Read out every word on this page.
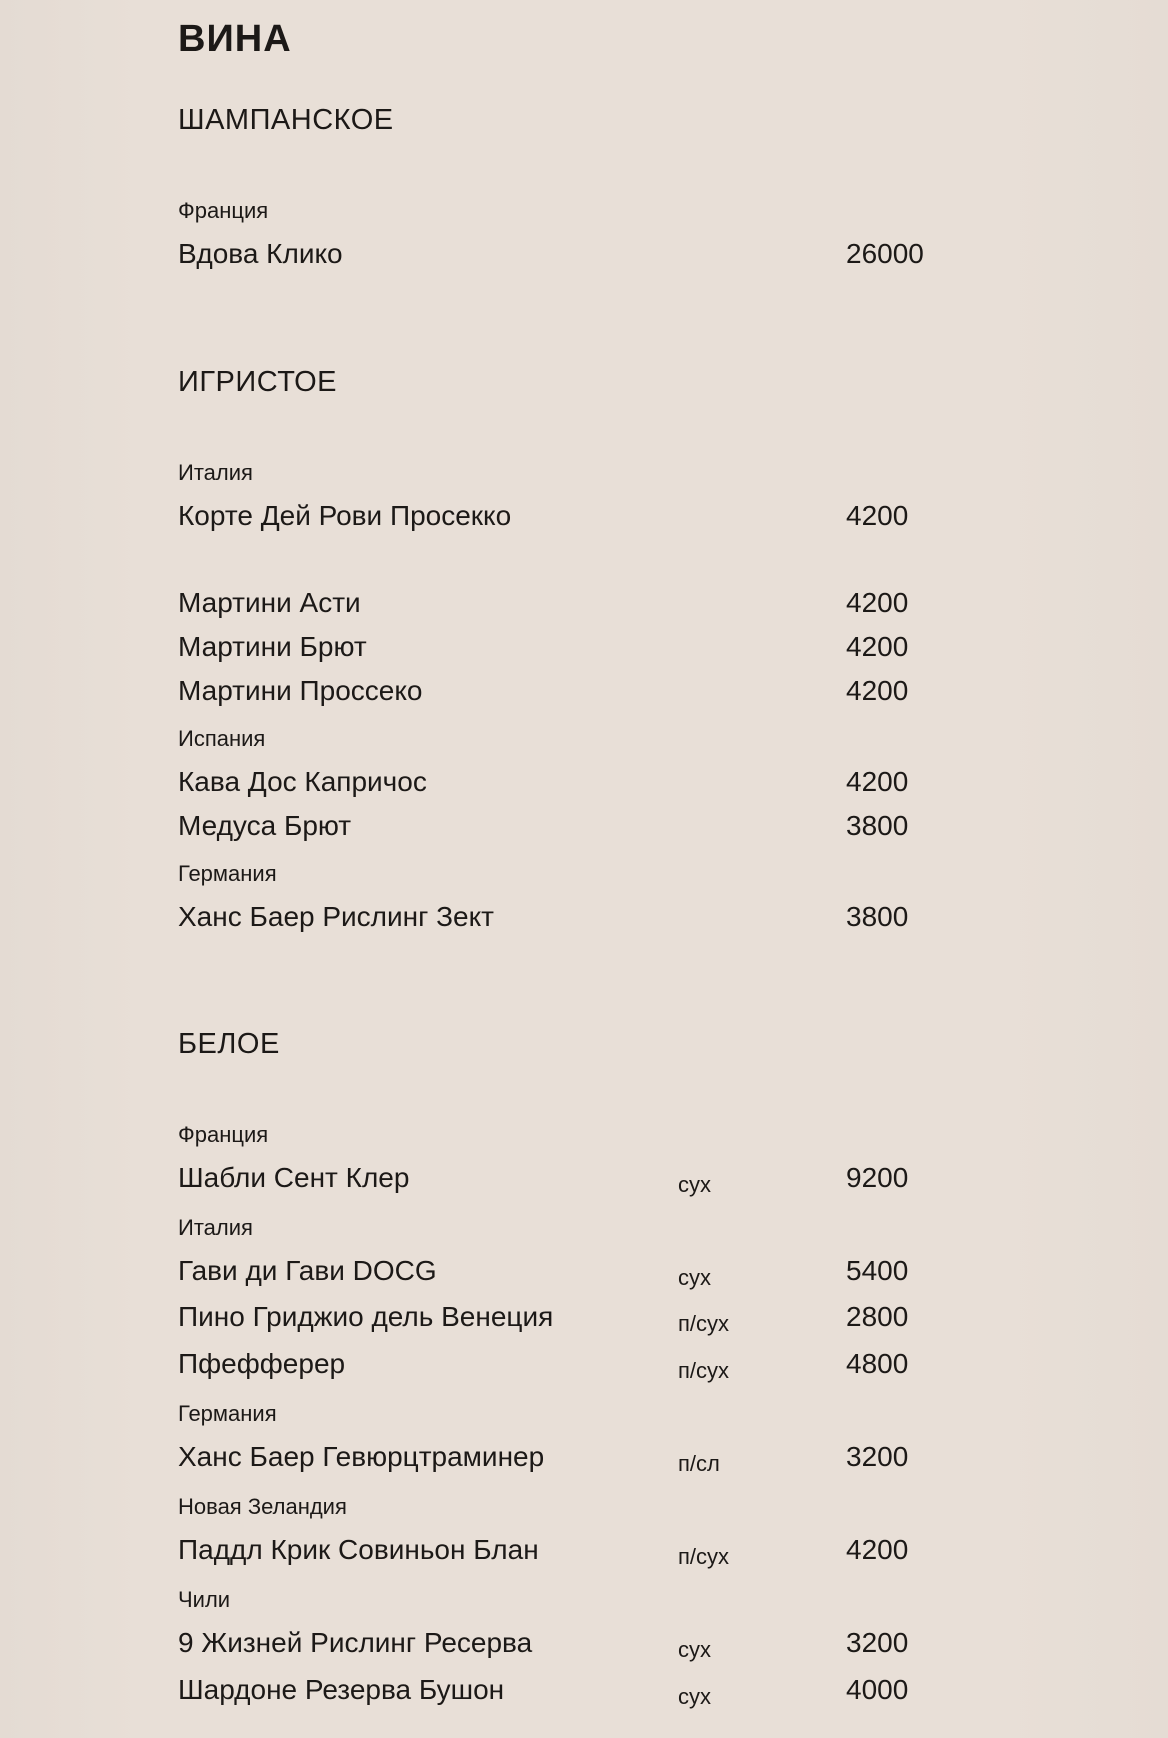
ВИНА
ШАМПАНСКОЕ
Франция
Вдова Клико	26000
ИГРИСТОЕ
Италия
Корте Дей Рови Просекко	4200
Мартини Асти	4200
Мартини Брют	4200
Мартини Проссеко	4200
Испания
Кава Дос Капричос	4200
Медуса Брют	3800
Германия
Ханс Баер Рислинг Зект	3800
БЕЛОЕ
Франция
Шабли Сент Клер	сух	9200
Италия
Гави ди Гави DOCG	сух	5400
Пино Гриджио дель Венеция	п/сух	2800
Пфефферер	п/сух	4800
Германия
Ханс Баер Гевюрцтраминер	п/сл	3200
Новая Зеландия
Паддл Крик Совиньон Блан	п/сух	4200
Чили
9 Жизней Рислинг Ресерва	сух	3200
Шардоне Резерва Бушон	сух	4000
